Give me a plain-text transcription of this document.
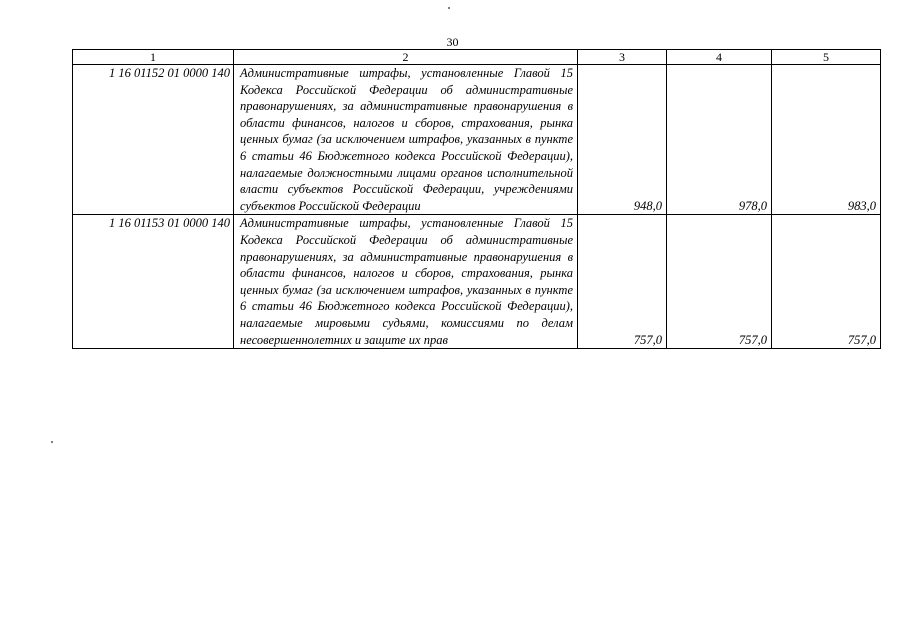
30
1	2	3	4	5
1 16 01152 01 0000 140	Административные штрафы, установленные Главой 15 Кодекса Российской Федерации об административные правонарушениях, за административные правонарушения в области финансов, налогов и сборов, страхования, рынка ценных бумаг (за исключением штрафов, указанных в пункте 6 статьи 46 Бюджетного кодекса Российской Федерации), налагаемые должностными лицами органов исполнительной власти субъектов Российской Федерации, учреждениями субъектов Российской Федерации	948,0	978,0	983,0
1 16 01153 01 0000 140	Административные штрафы, установленные Главой 15 Кодекса Российской Федерации об административные правонарушениях, за административные правонарушения в области финансов, налогов и сборов, страхования, рынка ценных бумаг (за исключением штрафов, указанных в пункте 6 статьи 46 Бюджетного кодекса Российской Федерации), налагаемые мировыми судьями, комиссиями по делам несовершеннолетних и защите их прав	757,0	757,0	757,0
